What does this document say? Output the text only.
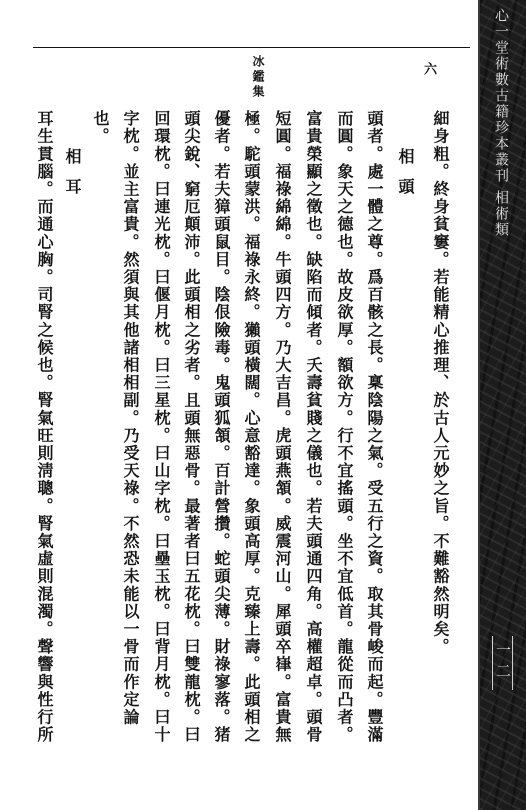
冰鑑集	六
細身粗。終身貧窶。若能精心推理、於古人元妙之旨。不難豁然明矣。
相頭
頭者。處一體之尊。爲百骸之長。稟陰陽之氣。受五行之資。取其骨峻而起。豐滿
而圓。象天之德也。故皮欲厚。額欲方。行不宜搖頭。坐不宜低首。龍從而凸者。
富貴榮顯之徵也。缺陷而傾者。夭壽貧賤之儀也。若夫頭通四角。高權超卓。頭骨
短圓。福祿綿綿。牛頭四方。乃大吉昌。虎頭燕頷。威震河山。犀頭卒嵂。富貴無
極。駝頭蒙洪。福祿永終。獺頭橫闊。心意豁達。象頭高厚。克臻上壽。此頭相之
優者。若夫獐頭鼠目。陰佷險毒。鬼頭狐頷。百計營攢。蛇頭尖薄。財祿寥落。猪
頭尖銳、窮厄顛沛。此頭相之劣者。且頭無惡骨。最著者曰五花枕。曰雙龍枕。曰
回環枕。曰連光枕。曰偃月枕。曰三星枕。曰山字枕。曰壘玉枕。曰背月枕。曰十
字枕。並主富貴。然須與其他諸相相副。乃受天祿。不然恐未能以一骨而作定論
也。
相耳
耳生貫腦。而通心胸。司腎之候也。腎氣旺則淸聰。腎氣虛則混濁。聲響與性行所
心一堂術數古籍珍本叢刊
相術類
一二
